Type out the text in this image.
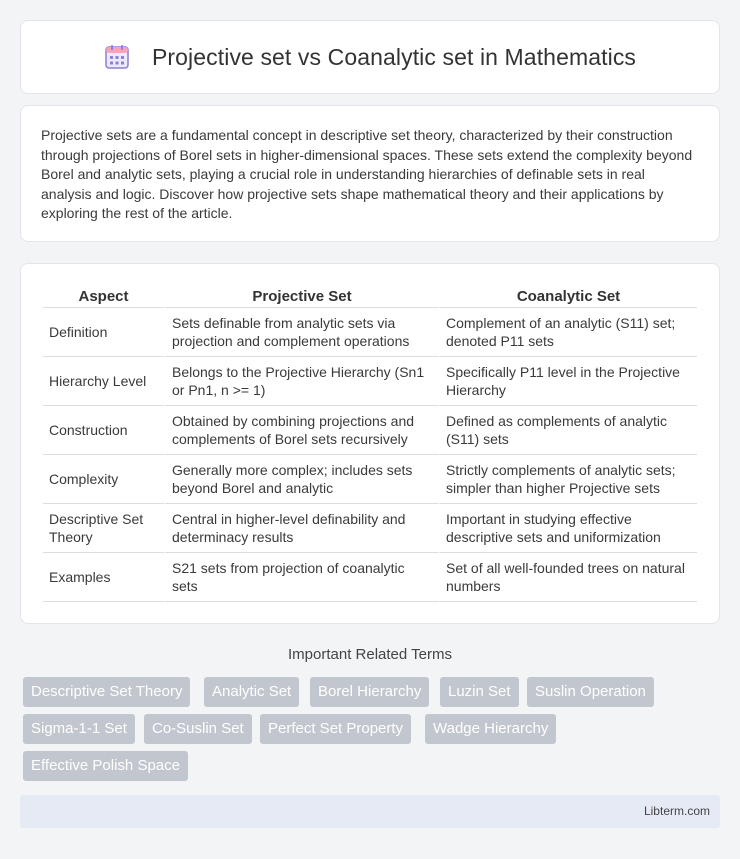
Projective set vs Coanalytic set in Mathematics

Projective sets are a fundamental concept in descriptive set theory, characterized by their construction through projections of Borel sets in higher-dimensional spaces. These sets extend the complexity beyond Borel and analytic sets, playing a crucial role in understanding hierarchies of definable sets in real analysis and logic. Discover how projective sets shape mathematical theory and their applications by exploring the rest of the article.

Aspect	Projective Set	Coanalytic Set
Definition	Sets definable from analytic sets via projection and complement operations	Complement of an analytic (S11) set; denoted P11 sets
Hierarchy Level	Belongs to the Projective Hierarchy (Sn1 or Pn1, n >= 1)	Specifically P11 level in the Projective Hierarchy
Construction	Obtained by combining projections and complements of Borel sets recursively	Defined as complements of analytic (S11) sets
Complexity	Generally more complex; includes sets beyond Borel and analytic	Strictly complements of analytic sets; simpler than higher Projective sets
Descriptive Set Theory	Central in higher-level definability and determinacy results	Important in studying effective descriptive sets and uniformization
Examples	S21 sets from projection of coanalytic sets	Set of all well-founded trees on natural numbers
Important Related Terms
Descriptive Set Theory	Analytic Set	Borel Hierarchy	Luzin Set	Suslin Operation
Sigma-1-1 Set	Co-Suslin Set	Perfect Set Property	Wadge Hierarchy
Effective Polish Space
Libterm.com
